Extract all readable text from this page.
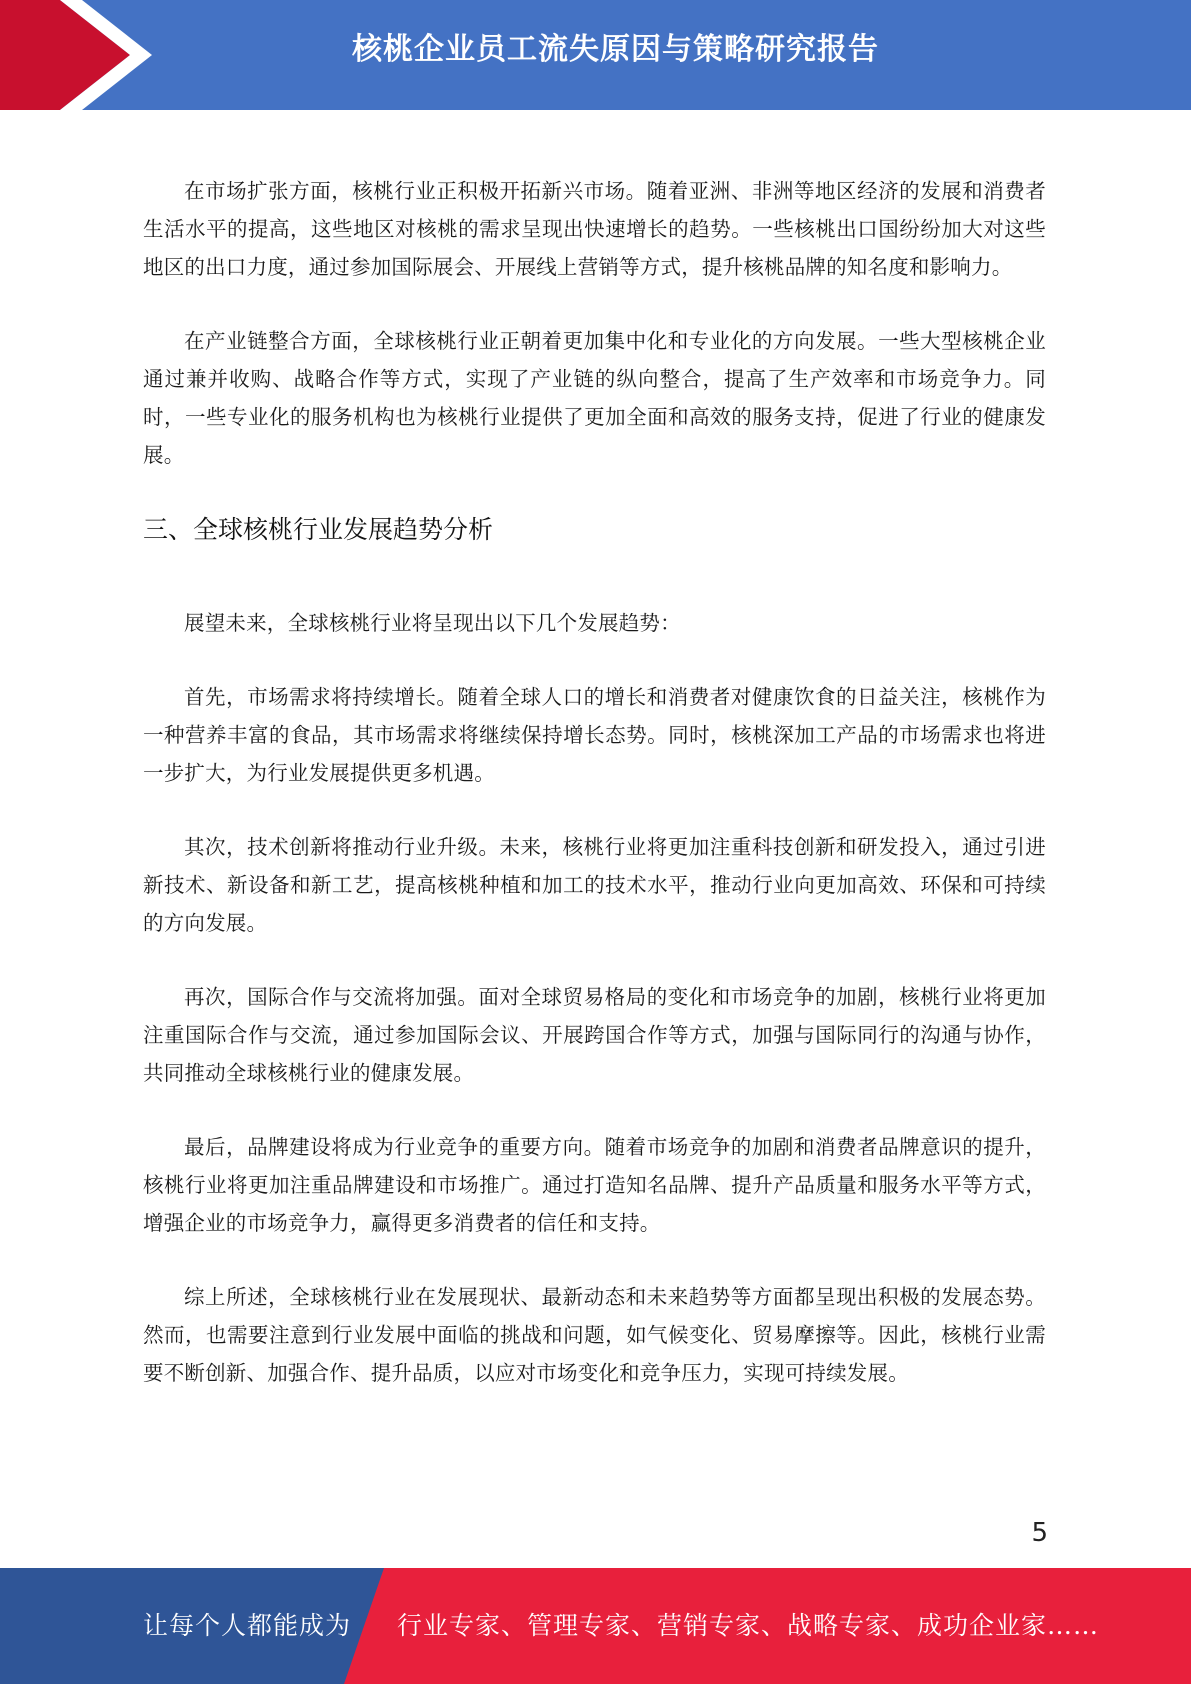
核桃企业员工流失原因与策略研究报告

在市场扩张方面，核桃行业正积极开拓新兴市场。随着亚洲、非洲等地区经济的发展和消费者生活水平的提高，这些地区对核桃的需求呈现出快速增长的趋势。一些核桃出口国纷纷加大对这些地区的出口力度，通过参加国际展会、开展线上营销等方式，提升核桃品牌的知名度和影响力。

在产业链整合方面，全球核桃行业正朝着更加集中化和专业化的方向发展。一些大型核桃企业通过兼并收购、战略合作等方式，实现了产业链的纵向整合，提高了生产效率和市场竞争力。同时，一些专业化的服务机构也为核桃行业提供了更加全面和高效的服务支持，促进了行业的健康发展。

三、全球核桃行业发展趋势分析

展望未来，全球核桃行业将呈现出以下几个发展趋势：

首先，市场需求将持续增长。随着全球人口的增长和消费者对健康饮食的日益关注，核桃作为一种营养丰富的食品，其市场需求将继续保持增长态势。同时，核桃深加工产品的市场需求也将进一步扩大，为行业发展提供更多机遇。

其次，技术创新将推动行业升级。未来，核桃行业将更加注重科技创新和研发投入，通过引进新技术、新设备和新工艺，提高核桃种植和加工的技术水平，推动行业向更加高效、环保和可持续的方向发展。

再次，国际合作与交流将加强。面对全球贸易格局的变化和市场竞争的加剧，核桃行业将更加注重国际合作与交流，通过参加国际会议、开展跨国合作等方式，加强与国际同行的沟通与协作，共同推动全球核桃行业的健康发展。

最后，品牌建设将成为行业竞争的重要方向。随着市场竞争的加剧和消费者品牌意识的提升，核桃行业将更加注重品牌建设和市场推广。通过打造知名品牌、提升产品质量和服务水平等方式，增强企业的市场竞争力，赢得更多消费者的信任和支持。

综上所述，全球核桃行业在发展现状、最新动态和未来趋势等方面都呈现出积极的发展态势。然而，也需要注意到行业发展中面临的挑战和问题，如气候变化、贸易摩擦等。因此，核桃行业需要不断创新、加强合作、提升品质，以应对市场变化和竞争压力，实现可持续发展。

5
让每个人都能成为 行业专家、管理专家、营销专家、战略专家、成功企业家……
